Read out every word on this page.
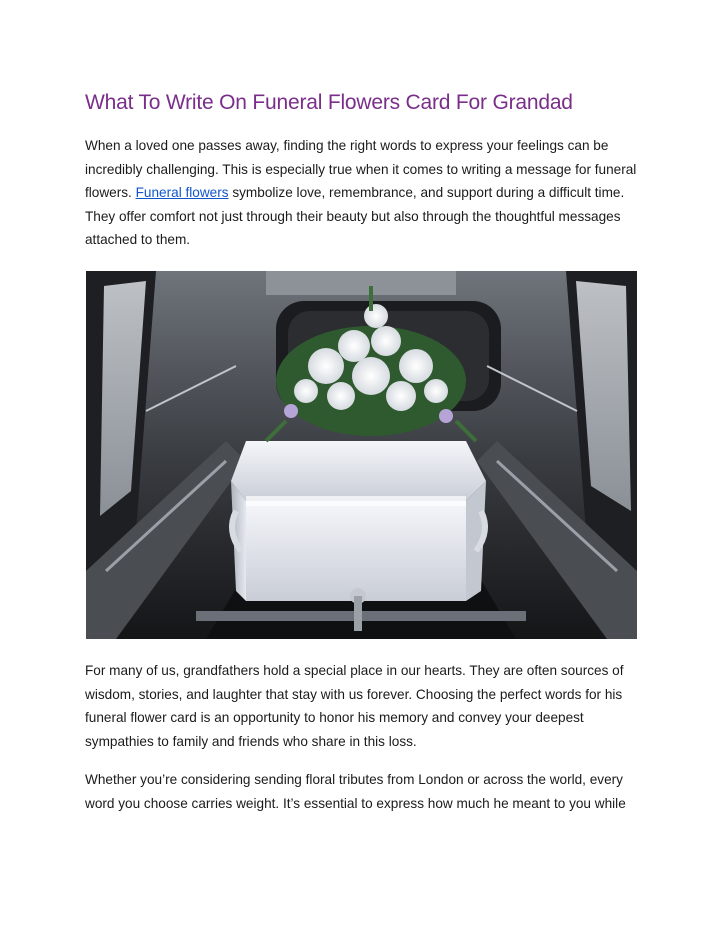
What To Write On Funeral Flowers Card For Grandad

When a loved one passes away, finding the right words to express your feelings can be incredibly challenging. This is especially true when it comes to writing a message for funeral flowers. Funeral flowers symbolize love, remembrance, and support during a difficult time. They offer comfort not just through their beauty but also through the thoughtful messages attached to them.

For many of us, grandfathers hold a special place in our hearts. They are often sources of wisdom, stories, and laughter that stay with us forever. Choosing the perfect words for his funeral flower card is an opportunity to honor his memory and convey your deepest sympathies to family and friends who share in this loss.

Whether you’re considering sending floral tributes from London or across the world, every word you choose carries weight. It’s essential to express how much he meant to you while
